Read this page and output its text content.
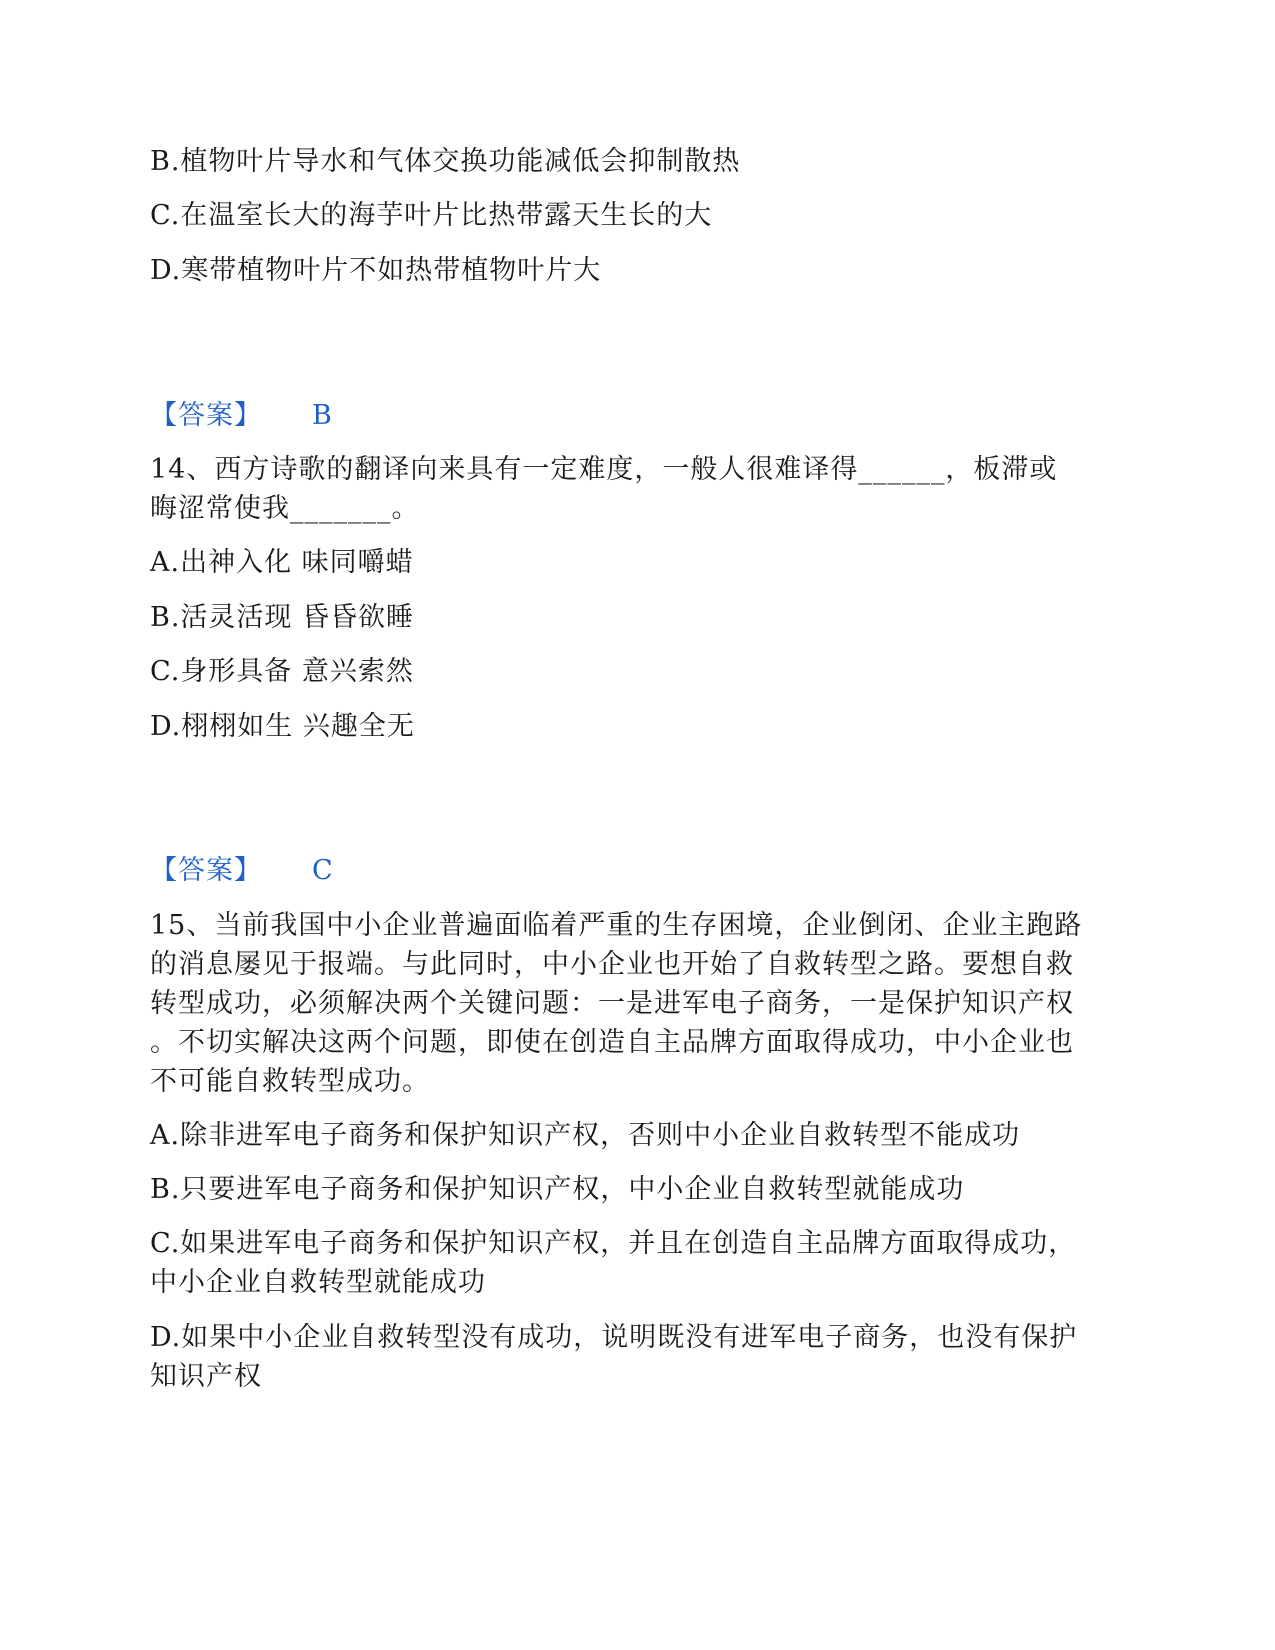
B.植物叶片导水和气体交换功能减低会抑制散热
C.在温室长大的海芋叶片比热带露天生长的大
D.寒带植物叶片不如热带植物叶片大
【答案】 B
14、西方诗歌的翻译向来具有一定难度，一般人很难译得______，板滞或
晦涩常使我_______。
A.出神入化 味同嚼蜡
B.活灵活现 昏昏欲睡
C.身形具备 意兴索然
D.栩栩如生 兴趣全无
【答案】 C
15、当前我国中小企业普遍面临着严重的生存困境，企业倒闭、企业主跑路
的消息屡见于报端。与此同时，中小企业也开始了自救转型之路。要想自救
转型成功，必须解决两个关键问题：一是进军电子商务，一是保护知识产权
。不切实解决这两个问题，即使在创造自主品牌方面取得成功，中小企业也
不可能自救转型成功。
A.除非进军电子商务和保护知识产权，否则中小企业自救转型不能成功
B.只要进军电子商务和保护知识产权，中小企业自救转型就能成功
C.如果进军电子商务和保护知识产权，并且在创造自主品牌方面取得成功，
中小企业自救转型就能成功
D.如果中小企业自救转型没有成功，说明既没有进军电子商务，也没有保护
知识产权
